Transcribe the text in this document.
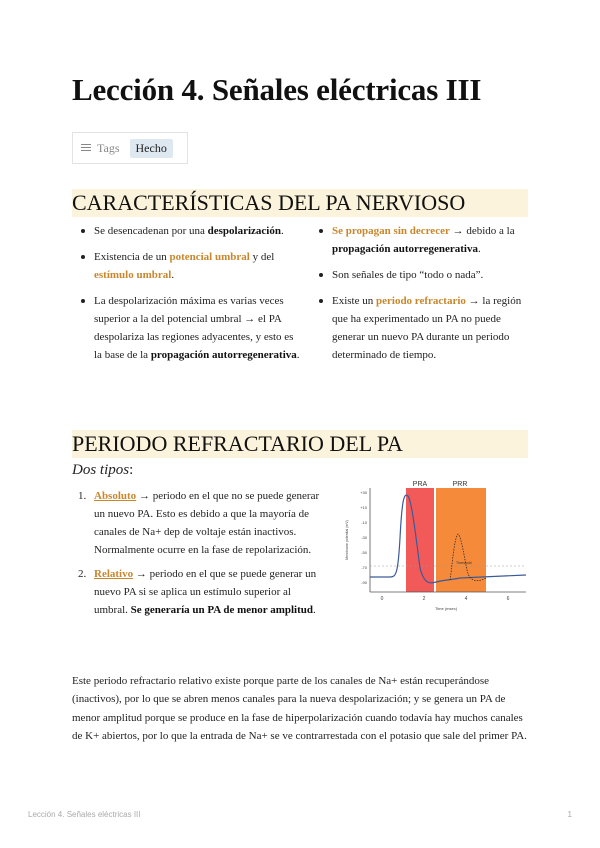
Lección 4. Señales eléctricas III
Tags	Hecho
CARACTERÍSTICAS DEL PA NERVIOSO
Se desencadenan por una despolarización.
Existencia de un potencial umbral y del estímulo umbral.
La despolarización máxima es varias veces superior a la del potencial umbral → el PA despolariza las regiones adyacentes, y esto es la base de la propagación autorregenerativa.
Se propagan sin decrecer → debido a la propagación autorregenerativa.
Son señales de tipo “todo o nada”.
Existe un periodo refractario → la región que ha experimentado un PA no puede generar un nuevo PA durante un periodo determinado de tiempo.
PERIODO REFRACTARIO DEL PA
Dos tipos:
1. Absoluto → periodo en el que no se puede generar un nuevo PA. Esto es debido a que la mayoría de canales de Na+ dep de voltaje están inactivos. Normalmente ocurre en la fase de repolarización.
2. Relativo → periodo en el que se puede generar un nuevo PA si se aplica un estímulo superior al umbral. Se generaría un PA de menor amplitud.
PRA	PRR
+30
+10
-10
-30
-50
-70
-90
0	2	4	6
Membrane potential (mV)
Time (msec)
Threshold
Este periodo refractario relativo existe porque parte de los canales de Na+ están recuperándose (inactivos), por lo que se abren menos canales para la nueva despolarización; y se genera un PA de menor amplitud porque se produce en la fase de hiperpolarización cuando todavía hay muchos canales de K+ abiertos, por lo que la entrada de Na+ se ve contrarrestada con el potasio que sale del primer PA.
Lección 4. Señales eléctricas III	1
